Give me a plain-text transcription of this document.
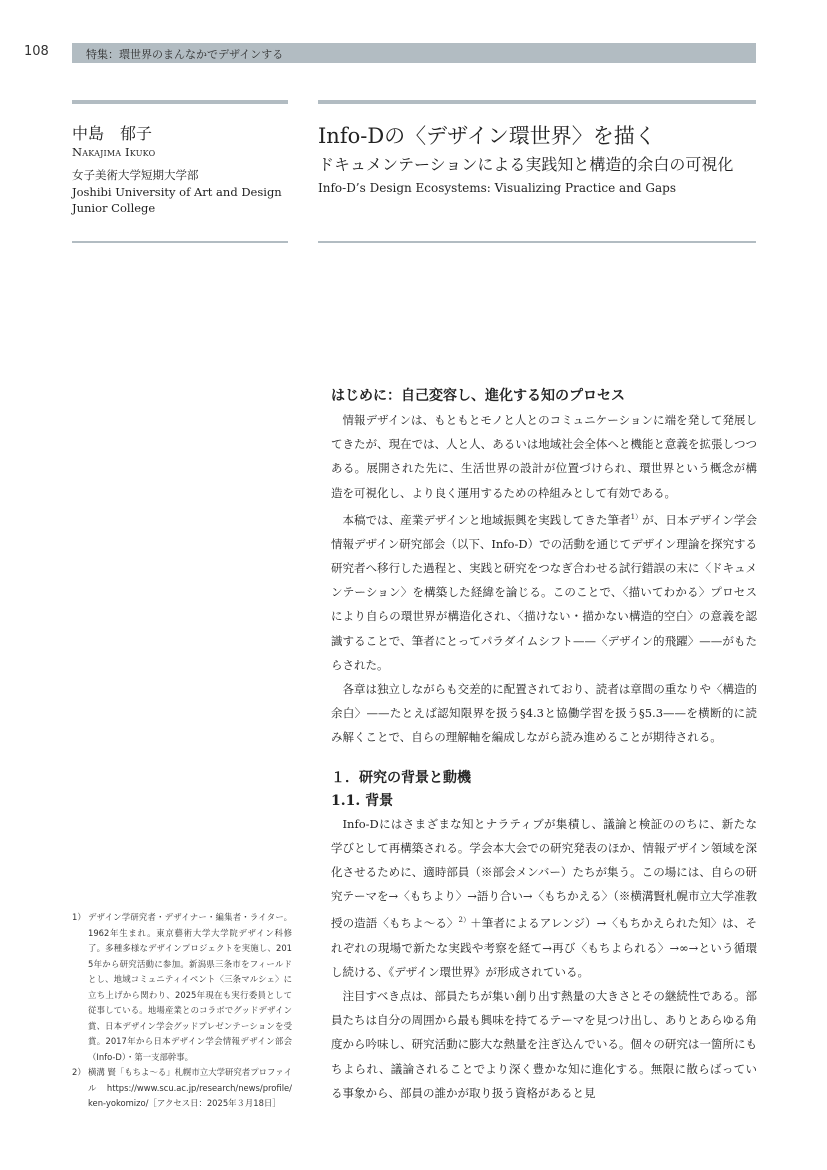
108	特集：環世界のまんなかでデザインする
中島　郁子
Nakajima Ikuko
女子美術大学短期大学部
Joshibi University of Art and Design Junior College
Info-Dの〈デザイン環世界〉を描く
ドキュメンテーションによる実践知と構造的余白の可視化
Info-D’s Design Ecosystems: Visualizing Practice and Gaps
はじめに：自己変容し、進化する知のプロセス

情報デザインは、もともとモノと人とのコミュニケーションに端を発して発展してきたが、現在では、人と人、あるいは地域社会全体へと機能と意義を拡張しつつある。展開された先に、生活世界の設計が位置づけられ、環世界という概念が構造を可視化し、より良く運用するための枠組みとして有効である。

本稿では、産業デザインと地域振興を実践してきた筆者$^{1)}$が、日本デザイン学会情報デザイン研究部会（以下、Info-D）での活動を通じてデザイン理論を探究する研究者へ移行した過程と、実践と研究をつなぎ合わせる試行錯誤の末に〈ドキュメンテーション〉を構築した経緯を論じる。このことで、〈描いてわかる〉プロセスにより自らの環世界が構造化され、〈描けない・描かない構造的空白〉の意義を認識することで、筆者にとってパラダイムシフト——〈デザイン的飛躍〉——がもたらされた。

各章は独立しながらも交差的に配置されており、読者は章間の重なりや〈構造的余白〉——たとえば認知限界を扱う§4.3と協働学習を扱う§5.3——を横断的に読み解くことで、自らの理解軸を編成しながら読み進めることが期待される。

１．研究の背景と動機
1.1. 背景

Info-Dにはさまざまな知とナラティブが集積し、議論と検証ののちに、新たな学びとして再構築される。学会本大会での研究発表のほか、情報デザイン領域を深化させるために、適時部員（※部会メンバー）たちが集う。この場には、自らの研究テーマを→〈もちより〉→語り合い→〈もちかえる〉（※横溝賢札幌市立大学准教授の造語〈もちよ～る〉$^{2)}$＋筆者によるアレンジ）→〈もちかえられた知〉は、それぞれの現場で新たな実践や考察を経て→再び〈もちよられる〉→∞→という循環し続ける、《デザイン環世界》が形成されている。

注目すべき点は、部員たちが集い創り出す熱量の大きさとその継続性である。部員たちは自分の周囲から最も興味を持てるテーマを見つけ出し、ありとあらゆる角度から吟味し、研究活動に膨大な熱量を注ぎ込んでいる。個々の研究は一箇所にもちよられ、議論されることでより深く豊かな知に進化する。無限に散らばっている事象から、部員の誰かが取り扱う資格があると見

1） デザイン学研究者・デザイナー・編集者・ライター。1962年生まれ。東京藝術大学大学院デザイン科修了。多種多様なデザインプロジェクトを実施し、2015年から研究活動に参加。新潟県三条市をフィールドとし、地域コミュニティイベント〈三条マルシェ〉に立ち上げから関わり、2025年現在も実行委員として従事している。地場産業とのコラボでグッドデザイン賞、日本デザイン学会グッドプレゼンテーションを受賞。2017年から日本デザイン学会情報デザイン部会（Info-D）・第一支部幹事。
2） 横溝 賢「もちよ～る」札幌市立大学研究者プロファイル　https://www.scu.ac.jp/research/news/profile/ken-yokomizo/［アクセス日：2025年３月18日］
